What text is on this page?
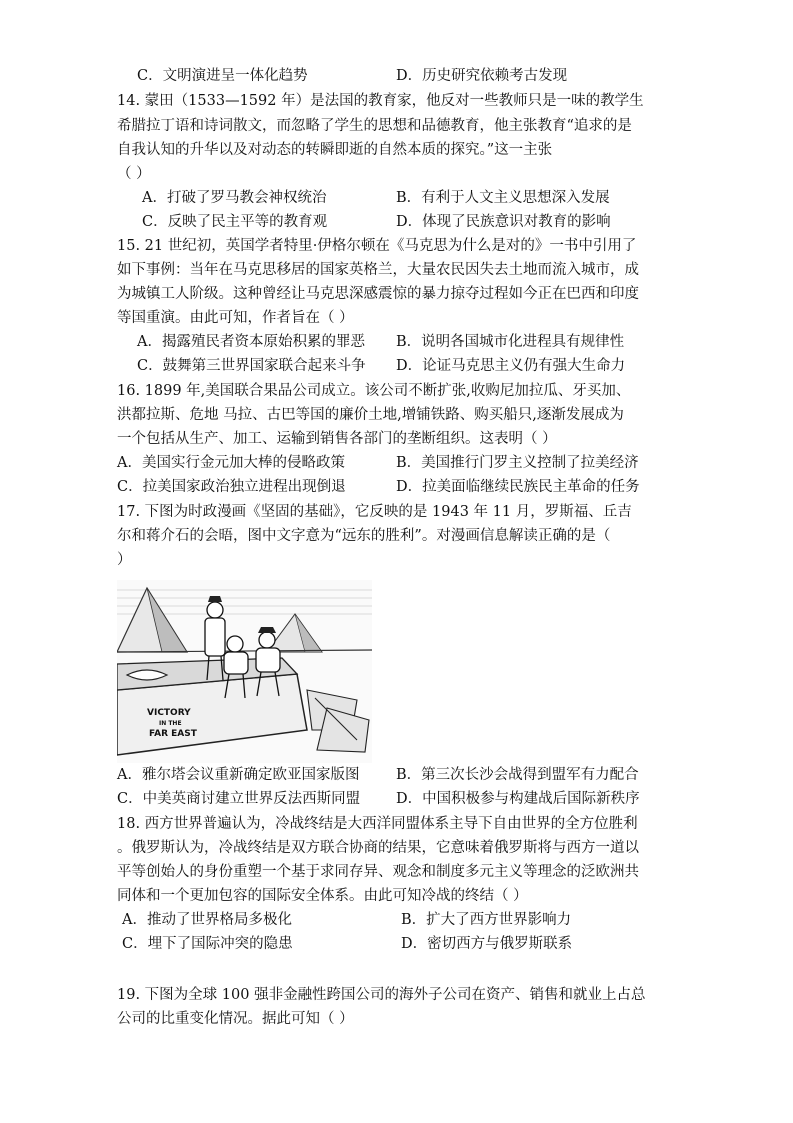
C．文明演进呈一体化趋势	D．历史研究依赖考古发现
14. 蒙田（1533—1592 年）是法国的教育家，他反对一些教师只是一味的教学生
希腊拉丁语和诗词散文，而忽略了学生的思想和品德教育，他主张教育“追求的是
自我认知的升华以及对动态的转瞬即逝的自然本质的探究。”这一主张
（ ）
A．打破了罗马教会神权统治	B．有利于人文主义思想深入发展
C．反映了民主平等的教育观	D．体现了民族意识对教育的影响
15. 21 世纪初，英国学者特里·伊格尔顿在《马克思为什么是对的》一书中引用了
如下事例：当年在马克思移居的国家英格兰，大量农民因失去土地而流入城市，成
为城镇工人阶级。这种曾经让马克思深感震惊的暴力掠夺过程如今正在巴西和印度
等国重演。由此可知，作者旨在（ ）
A．揭露殖民者资本原始积累的罪恶 B．说明各国城市化进程具有规律性
C．鼓舞第三世界国家联合起来斗争 D．论证马克思主义仍有强大生命力
16. 1899 年,美国联合果品公司成立。该公司不断扩张,收购尼加拉瓜、牙买加、
洪都拉斯、危地 马拉、古巴等国的廉价土地,增铺铁路、购买船只,逐渐发展成为
一个包括从生产、加工、运输到销售各部门的垄断组织。这表明（ ）
A．美国实行金元加大棒的侵略政策	B．美国推行门罗主义控制了拉美经济
C．拉美国家政治独立进程出现倒退	D．拉美面临继续民族民主革命的任务
17. 下图为时政漫画《坚固的基础》，它反映的是 1943 年 11 月，罗斯福、丘吉
尔和蒋介石的会晤，图中文字意为“远东的胜利”。对漫画信息解读正确的是（
）
VICTORY
IN THE
FAR EAST
A．雅尔塔会议重新确定欧亚国家版图	B．第三次长沙会战得到盟军有力配合
C．中美英商讨建立世界反法西斯同盟 D．中国积极参与构建战后国际新秩序
18. 西方世界普遍认为，冷战终结是大西洋同盟体系主导下自由世界的全方位胜利
。俄罗斯认为，冷战终结是双方联合协商的结果，它意味着俄罗斯将与西方一道以
平等创始人的身份重塑一个基于求同存异、观念和制度多元主义等理念的泛欧洲共
同体和一个更加包容的国际安全体系。由此可知冷战的终结（ ）
A．推动了世界格局多极化	B．扩大了西方世界影响力
C．埋下了国际冲突的隐患	D．密切西方与俄罗斯联系
19. 下图为全球 100 强非金融性跨国公司的海外子公司在资产、销售和就业上占总
公司的比重变化情况。据此可知（ ）
